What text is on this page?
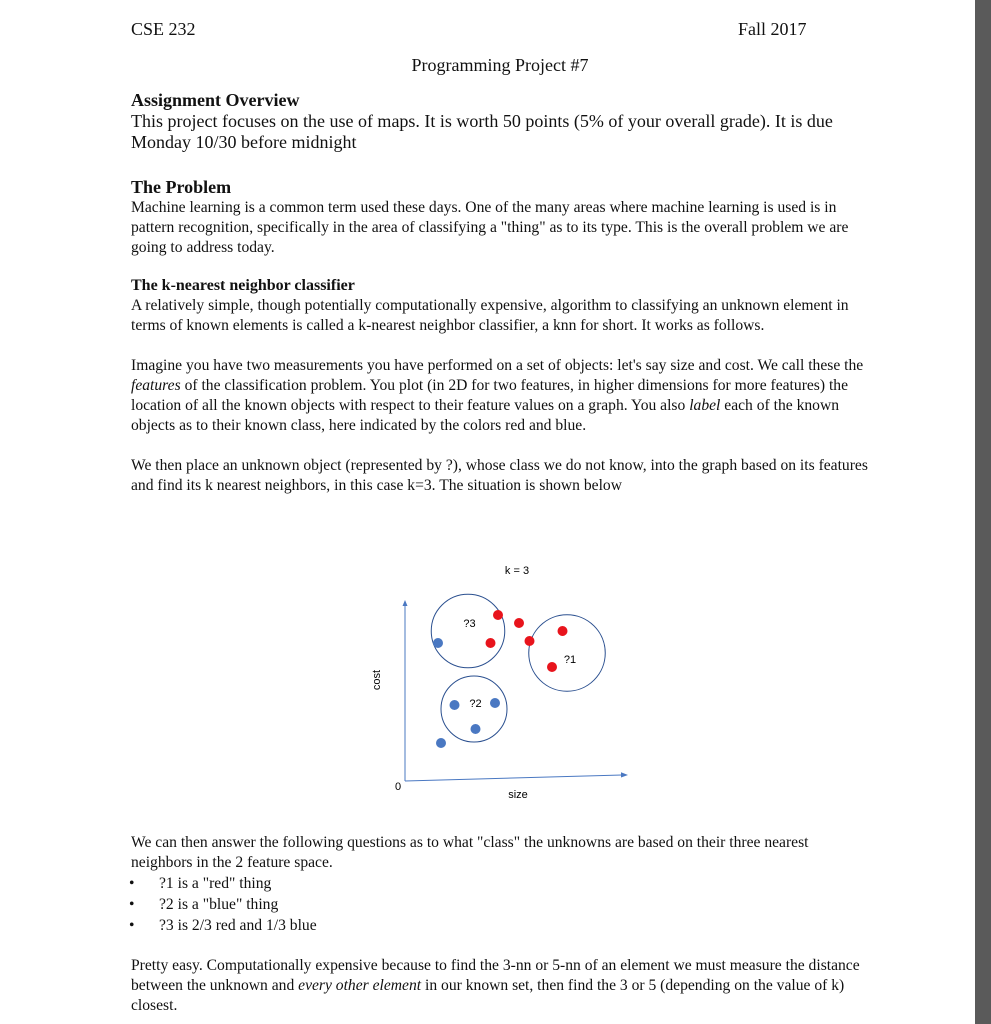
CSE 232	Fall 2017
Programming Project #7
Assignment Overview

This project focuses on the use of maps. It is worth 50 points (5% of your overall grade). It is due Monday 10/30 before midnight

The Problem

Machine learning is a common term used these days. One of the many areas where machine learning is used is in pattern recognition, specifically in the area of classifying a "thing" as to its type. This is the overall problem we are going to address today.

The k-nearest neighbor classifier

A relatively simple, though potentially computationally expensive, algorithm to classifying an unknown element in terms of known elements is called a k-nearest neighbor classifier, a knn for short. It works as follows.

Imagine you have two measurements you have performed on a set of objects: let's say size and cost. We call these the features of the classification problem. You plot (in 2D for two features, in higher dimensions for more features) the location of all the known objects with respect to their feature values on a graph. You also label each of the known objects as to their known class, here indicated by the colors red and blue.

We then place an unknown object (represented by ?), whose class we do not know, into the graph based on its features and find its k nearest neighbors, in this case k=3. The situation is shown below

k = 3
0
size
cost
?1
?2
?3

We can then answer the following questions as to what "class" the unknowns are based on their three nearest neighbors in the 2 feature space.

• ?1 is a "red" thing
• ?2 is a "blue" thing
• ?3 is 2/3 red and 1/3 blue

Pretty easy. Computationally expensive because to find the 3-nn or 5-nn of an element we must measure the distance between the unknown and every other element in our known set, then find the 3 or 5 (depending on the value of k) closest.
